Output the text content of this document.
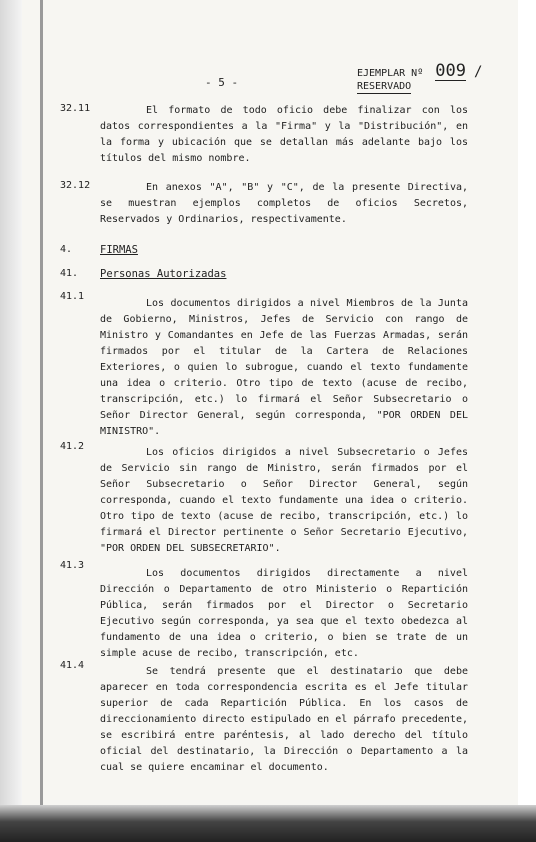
- 5 -
EJEMPLAR Nº 009 /
RESERVADO
32.11	El formato de todo oficio debe finalizar con los datos correspondientes a la "Firma" y la "Distribución", en la forma y ubicación que se detallan más adelante bajo los títulos del mismo nombre.
32.12	En anexos "A", "B" y "C", de la presente Directiva, se muestran ejemplos completos de oficios Secretos, Reservados y Ordinarios, respectivamente.
4.	FIRMAS
41. Personas Autorizadas
41.1
Los documentos dirigidos a nivel Miembros de la Junta de Gobierno, Ministros, Jefes de Servicio con rango de Ministro y Comandantes en Jefe de las Fuerzas Armadas, serán firmados por el titular de la Cartera de Relaciones Exteriores, o quien lo subrogue, cuando el texto fundamente una idea o criterio. Otro tipo de texto (acuse de recibo, transcripción, etc.) lo firmará el Señor Subsecretario o Señor Director General, según corresponda, "POR ORDEN DEL MINISTRO".
41.2
Los oficios dirigidos a nivel Subsecretario o Jefes de Servicio sin rango de Ministro, serán firmados por el Señor Subsecretario o Señor Director General, según corresponda, cuando el texto fundamente una idea o criterio. Otro tipo de texto (acuse de recibo, transcripción, etc.) lo firmará el Director pertinente o Señor Secretario Ejecutivo, "POR ORDEN DEL SUBSECRETARIO".
41.3
Los documentos dirigidos directamente a nivel Dirección o Departamento de otro Ministerio o Repartición Pública, serán firmados por el Director o Secretario Ejecutivo según corresponda, ya sea que el texto obedezca al fundamento de una idea o criterio, o bien se trate de un simple acuse de recibo, transcripción, etc.
41.4
Se tendrá presente que el destinatario que debe aparecer en toda correspondencia escrita es el Jefe titular superior de cada Repartición Pública. En los casos de direccionamiento directo estipulado en el párrafo precedente, se escribirá entre paréntesis, al lado derecho del título oficial del destinatario, la Dirección o Departamento a la cual se quiere encaminar el documento.
